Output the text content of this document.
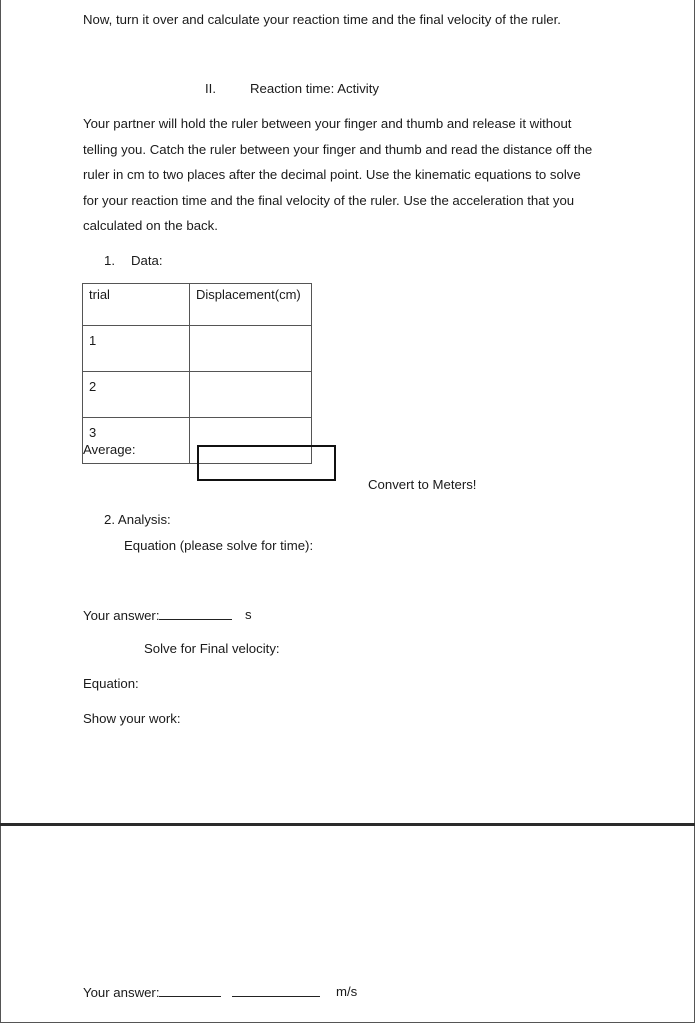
Now, turn it over and calculate your reaction time and the final velocity of the ruler.
II.	Reaction time: Activity
Your partner will hold the ruler between your finger and thumb and release it without
telling you. Catch the ruler between your finger and thumb and read the distance off the
ruler in cm to two places after the decimal point. Use the kinematic equations to solve
for your reaction time and the final velocity of the ruler. Use the acceleration that you
calculated on the back.
1. Data:
trial	Displacement(cm)
1	
2	
3	
Average:
Convert to Meters!
2. Analysis:
Equation (please solve for time):
Your answer:	s
Solve for Final velocity:
Equation:
Show your work:
Your answer:	m/s
